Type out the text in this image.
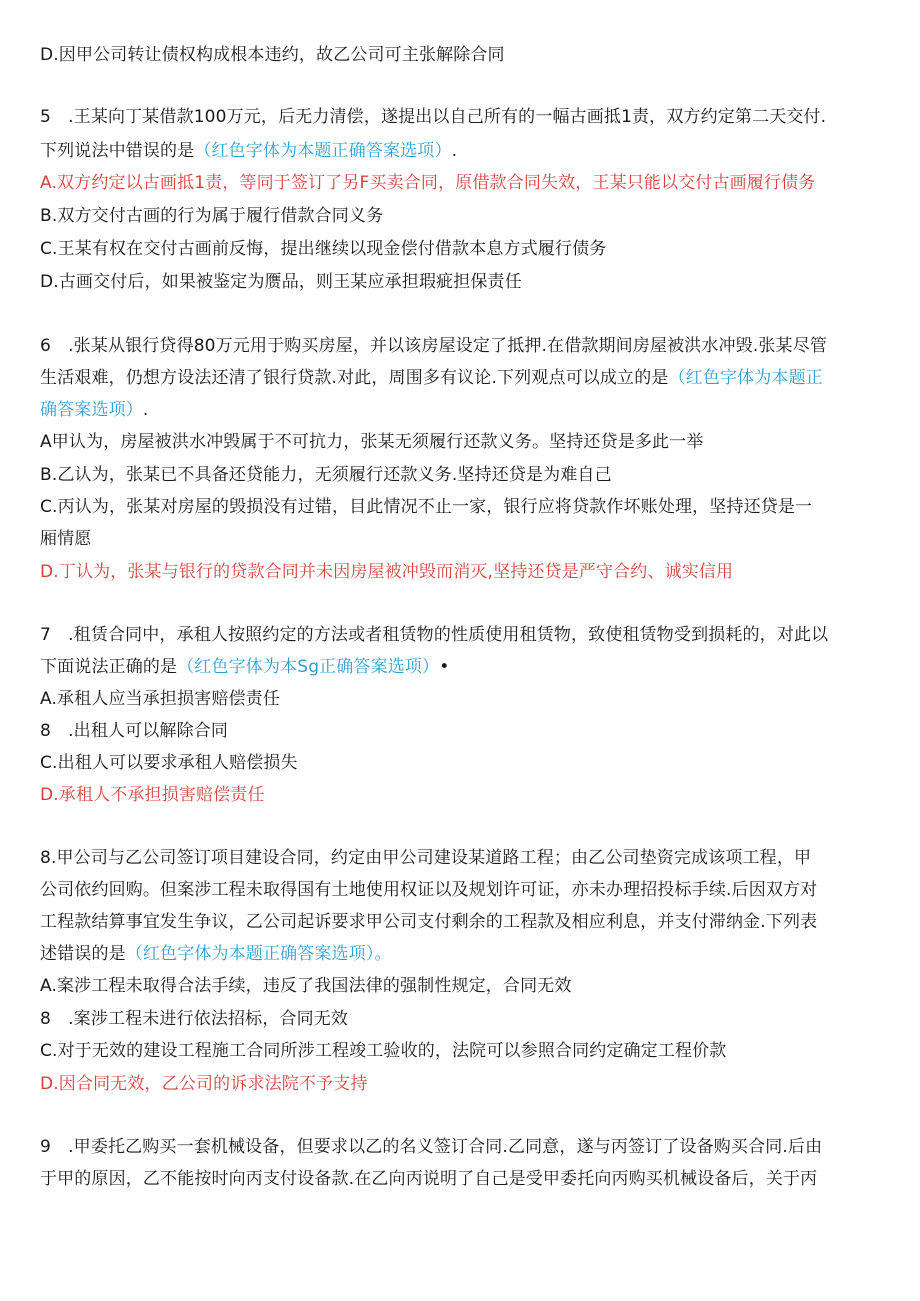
D.因甲公司转让债权构成根本违约，故乙公司可主张解除合同
5　.王某向丁某借款100万元，后无力清偿，遂提出以自己所有的一幅古画抵1责，双方约定第二天交付.
下列说法中错误的是（红色字体为本题正确答案选项）.
A.双方约定以古画抵1责，等同于签订了另F买卖合同，原借款合同失效，王某只能以交付古画履行债务
B.双方交付古画的行为属于履行借款合同义务
C.王某有权在交付古画前反悔，提出继续以现金偿付借款本息方式履行债务
D.古画交付后，如果被鉴定为赝品，则王某应承担瑕疵担保责任
6　.张某从银行贷得80万元用于购买房屋，并以该房屋设定了抵押.在借款期间房屋被洪水冲毁.张某尽管
生活艰难，仍想方设法还清了银行贷款.对此，周围多有议论.下列观点可以成立的是（红色字体为本题正
确答案选项）.
A甲认为，房屋被洪水冲毁属于不可抗力，张某无须履行还款义务。坚持还贷是多此一举
B.乙认为，张某已不具备还贷能力，无须履行还款义务.坚持还贷是为难自己
C.丙认为，张某对房屋的毁损没有过错，目此情况不止一家，银行应将贷款作坏账处理，坚持还贷是一
厢情愿
D.丁认为，张某与银行的贷款合同并未因房屋被冲毁而消灭,坚持还贷是严守合约、诚实信用
7　.租赁合同中，承租人按照约定的方法或者租赁物的性质使用租赁物，致使租赁物受到损耗的，对此以
下面说法正确的是（红色字体为本Sg正确答案选项）•
A.承租人应当承担损害赔偿责任
8　.出租人可以解除合同
C.出租人可以要求承租人赔偿损失
D.承租人不承担损害赔偿责任
8.甲公司与乙公司签订项目建设合同，约定由甲公司建设某道路工程；由乙公司垫资完成该项工程，甲
公司依约回购。但案涉工程未取得国有土地使用权证以及规划许可证，亦未办理招投标手续.后因双方对
工程款结算事宜发生争议，乙公司起诉要求甲公司支付剩余的工程款及相应利息，并支付滞纳金.下列表
述错误的是（红色字体为本题正确答案选项）。
A.案涉工程未取得合法手续，违反了我国法律的强制性规定，合同无效
8　.案涉工程未进行依法招标，合同无效
C.对于无效的建设工程施工合同所涉工程竣工验收的，法院可以参照合同约定确定工程价款
D.因合同无效，乙公司的诉求法院不予支持
9　.甲委托乙购买一套机械设备，但要求以乙的名义签订合同.乙同意，遂与丙签订了设备购买合同.后由
于甲的原因，乙不能按时向丙支付设备款.在乙向丙说明了自己是受甲委托向丙购买机械设备后，关于丙
